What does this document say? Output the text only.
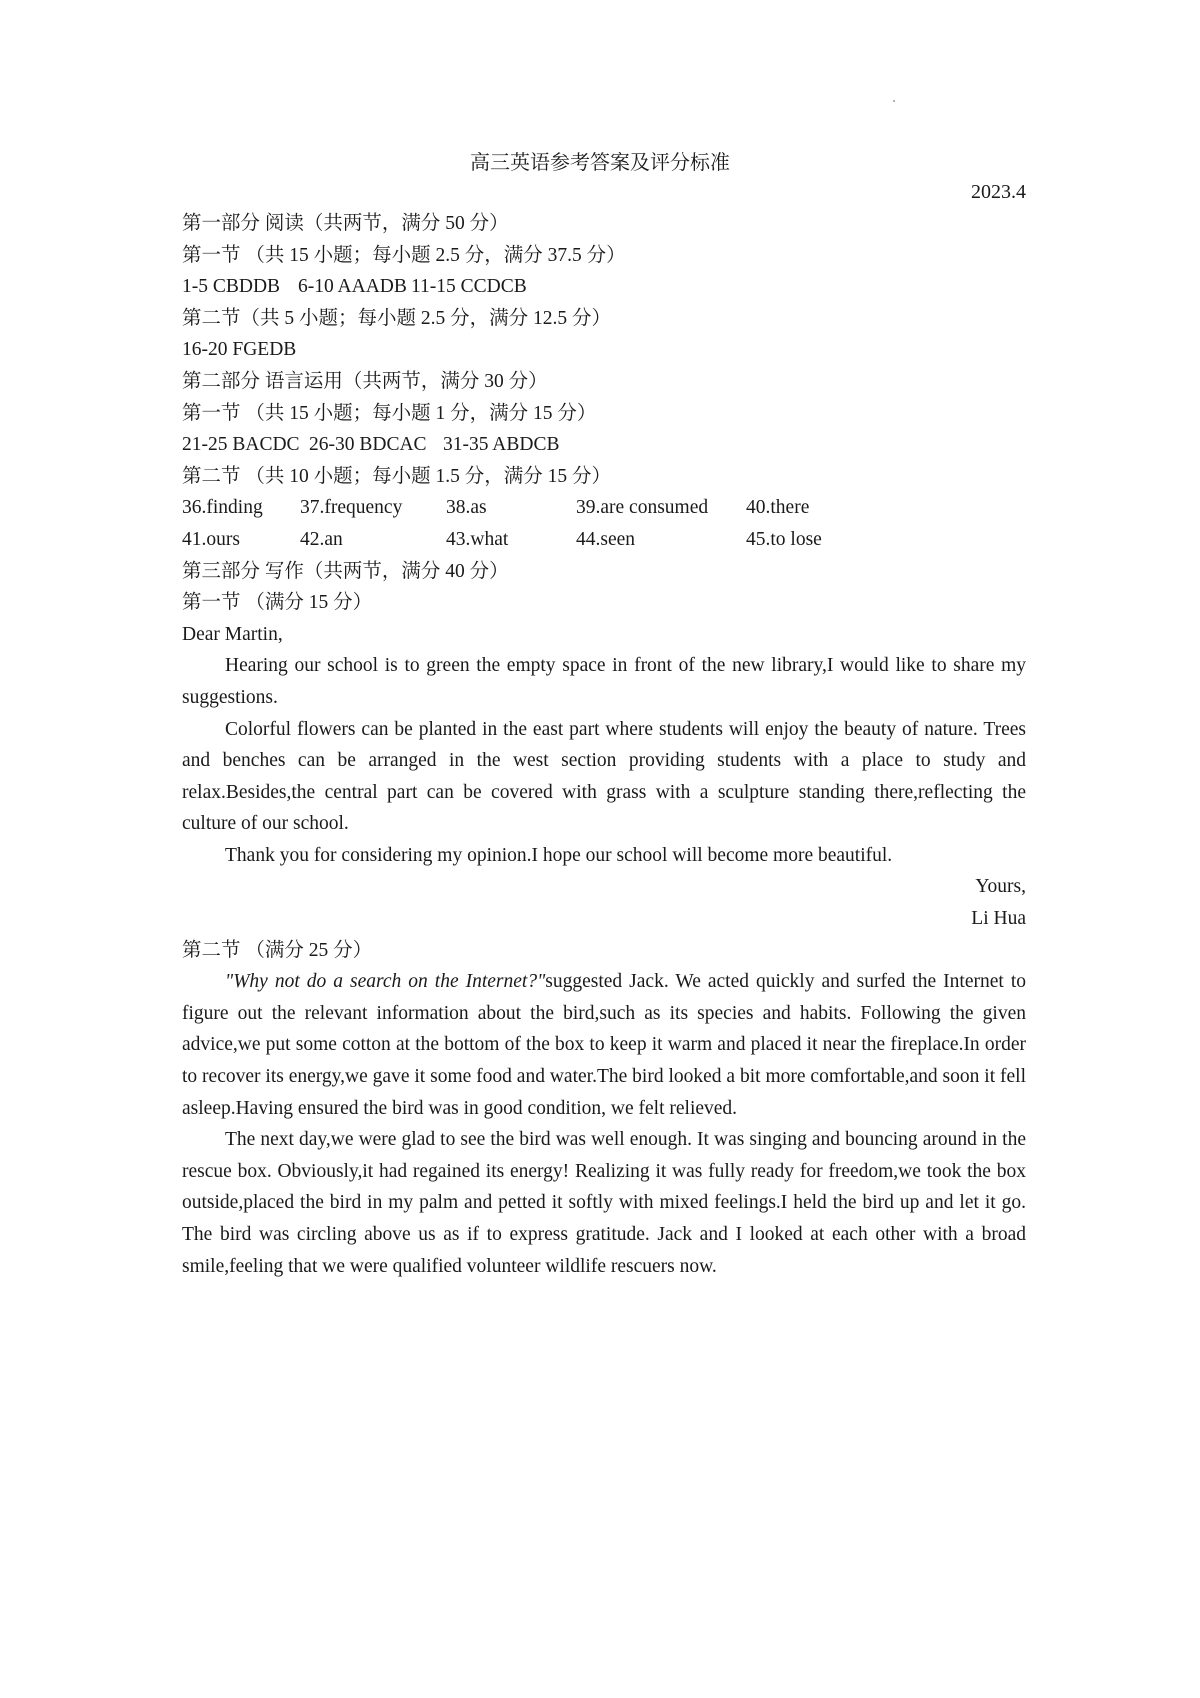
高三英语参考答案及评分标准
2023.4
第一部分 阅读（共两节，满分 50 分）
第一节 （共 15 小题；每小题 2.5 分，满分 37.5 分）
1-5 CBDDB 6-10 AAADB 11-15 CCDCB
第二节（共 5 小题；每小题 2.5 分，满分 12.5 分）
16-20 FGEDB
第二部分 语言运用（共两节，满分 30 分）
第一节 （共 15 小题；每小题 1 分，满分 15 分）
21-25 BACDC 26-30 BDCAC 31-35 ABDCB
第二节 （共 10 小题；每小题 1.5 分，满分 15 分）
36.finding	37.frequency	38.as	39.are consumed	40.there
41.ours	42.an	43.what	44.seen	45.to lose
第三部分 写作（共两节，满分 40 分）
第一节 （满分 15 分）
Dear Martin,
Hearing our school is to green the empty space in front of the new library,I would like to share my suggestions.
Colorful flowers can be planted in the east part where students will enjoy the beauty of nature. Trees and benches can be arranged in the west section providing students with a place to study and relax.Besides,the central part can be covered with grass with a sculpture standing there,reflecting the culture of our school.
Thank you for considering my opinion.I hope our school will become more beautiful.
Yours,
Li Hua
第二节 （满分 25 分）
"Why not do a search on the Internet?"suggested Jack. We acted quickly and surfed the Internet to figure out the relevant information about the bird,such as its species and habits. Following the given advice,we put some cotton at the bottom of the box to keep it warm and placed it near the fireplace.In order to recover its energy,we gave it some food and water.The bird looked a bit more comfortable,and soon it fell asleep.Having ensured the bird was in good condition, we felt relieved.
The next day,we were glad to see the bird was well enough. It was singing and bouncing around in the rescue box. Obviously,it had regained its energy! Realizing it was fully ready for freedom,we took the box outside,placed the bird in my palm and petted it softly with mixed feelings.I held the bird up and let it go. The bird was circling above us as if to express gratitude. Jack and I looked at each other with a broad smile,feeling that we were qualified volunteer wildlife rescuers now.
